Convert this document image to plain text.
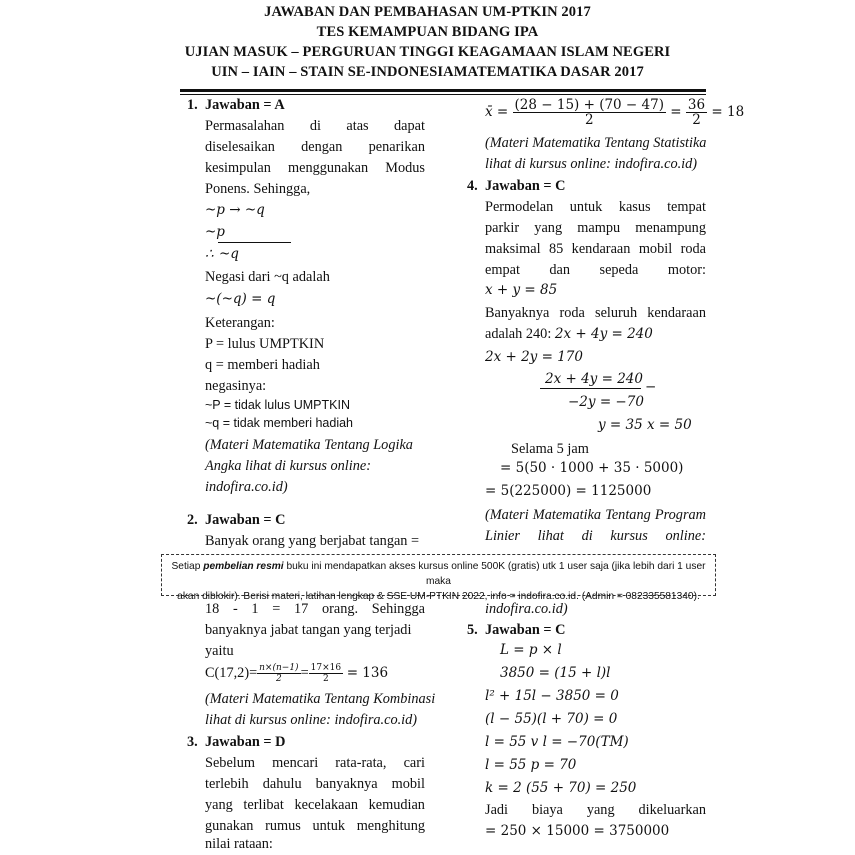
JAWABAN DAN PEMBAHASAN UM-PTKIN 2017
TES KEMAMPUAN BIDANG IPA
UJIAN MASUK – PERGURUAN TINGGI KEAGAMAAN ISLAM NEGERI
UIN – IAIN – STAIN SE-INDONESIAMATEMATIKA DASAR 2017
1. Jawaban = A
Permasalahan di atas dapat
diselesaikan dengan penarikan
kesimpulan menggunakan Modus
Ponens. Sehingga,
~p → ~q
~p
∴ ~q
Negasi dari ~q adalah
~(~q) = q
Keterangan:
P = lulus UMPTKIN
q = memberi hadiah
negasinya:
~P = tidak lulus UMPTKIN
~q = tidak memberi hadiah
(Materi Matematika Tentang Logika
Angka lihat di kursus online:
indofira.co.id)
2. Jawaban = C
Banyak orang yang berjabat tangan =
18 - 1 = 17 orang. Sehingga
banyaknya jabat tangan yang terjadi
yaitu
$C(17,2)= \frac{n\times(n-1)}{2} = \frac{17\times 16}{2} = 136$
(Materi Matematika Tentang Kombinasi
lihat di kursus online: indofira.co.id)
3. Jawaban = D
Sebelum mencari rata-rata, cari
terlebih dahulu banyaknya mobil
yang terlibat kecelakaan kemudian
gunakan rumus untuk menghitung
nilai rataan:
x̄ = $\frac{(28 - 15) + (70 - 47)}{2} = \frac{36}{2} = 18$
(Materi Matematika Tentang Statistika
lihat di kursus online: indofira.co.id)
4. Jawaban = C
Permodelan untuk kasus tempat
parkir yang mampu menampung
maksimal 85 kendaraan mobil roda
empat dan sepeda motor:
x + y = 85
Banyaknya roda seluruh kendaraan
adalah 240: 2x + 4y = 240
2x + 2y = 170
2x + 4y = 240 −
−2y = −70
y = 35 x = 50
Selama 5 jam
= 5(50 · 1000 + 35 · 5000)
= 5(225000) = 1125000
(Materi Matematika Tentang Program
Linier lihat di kursus online:
indofira.co.id)
5. Jawaban = C
L = p × l
3850 = (15 + l)l
l² + 15l − 3850 = 0
(l − 55)(l + 70) = 0
l = 55 v l = −70(TM)
l = 55 p = 70
k = 2 (55 + 70) = 250
Jadi biaya yang dikeluarkan
= 250 × 15000 = 3750000
Setiap pembelian resmi buku ini mendapatkan akses kursus online 500K (gratis) utk 1 user saja (jika lebih dari 1 user maka
akan diblokir). Berisi materi, latihan lengkap & SSE UM-PTKIN 2022, info = indofira.co.id. (Admin = 082335581340).
